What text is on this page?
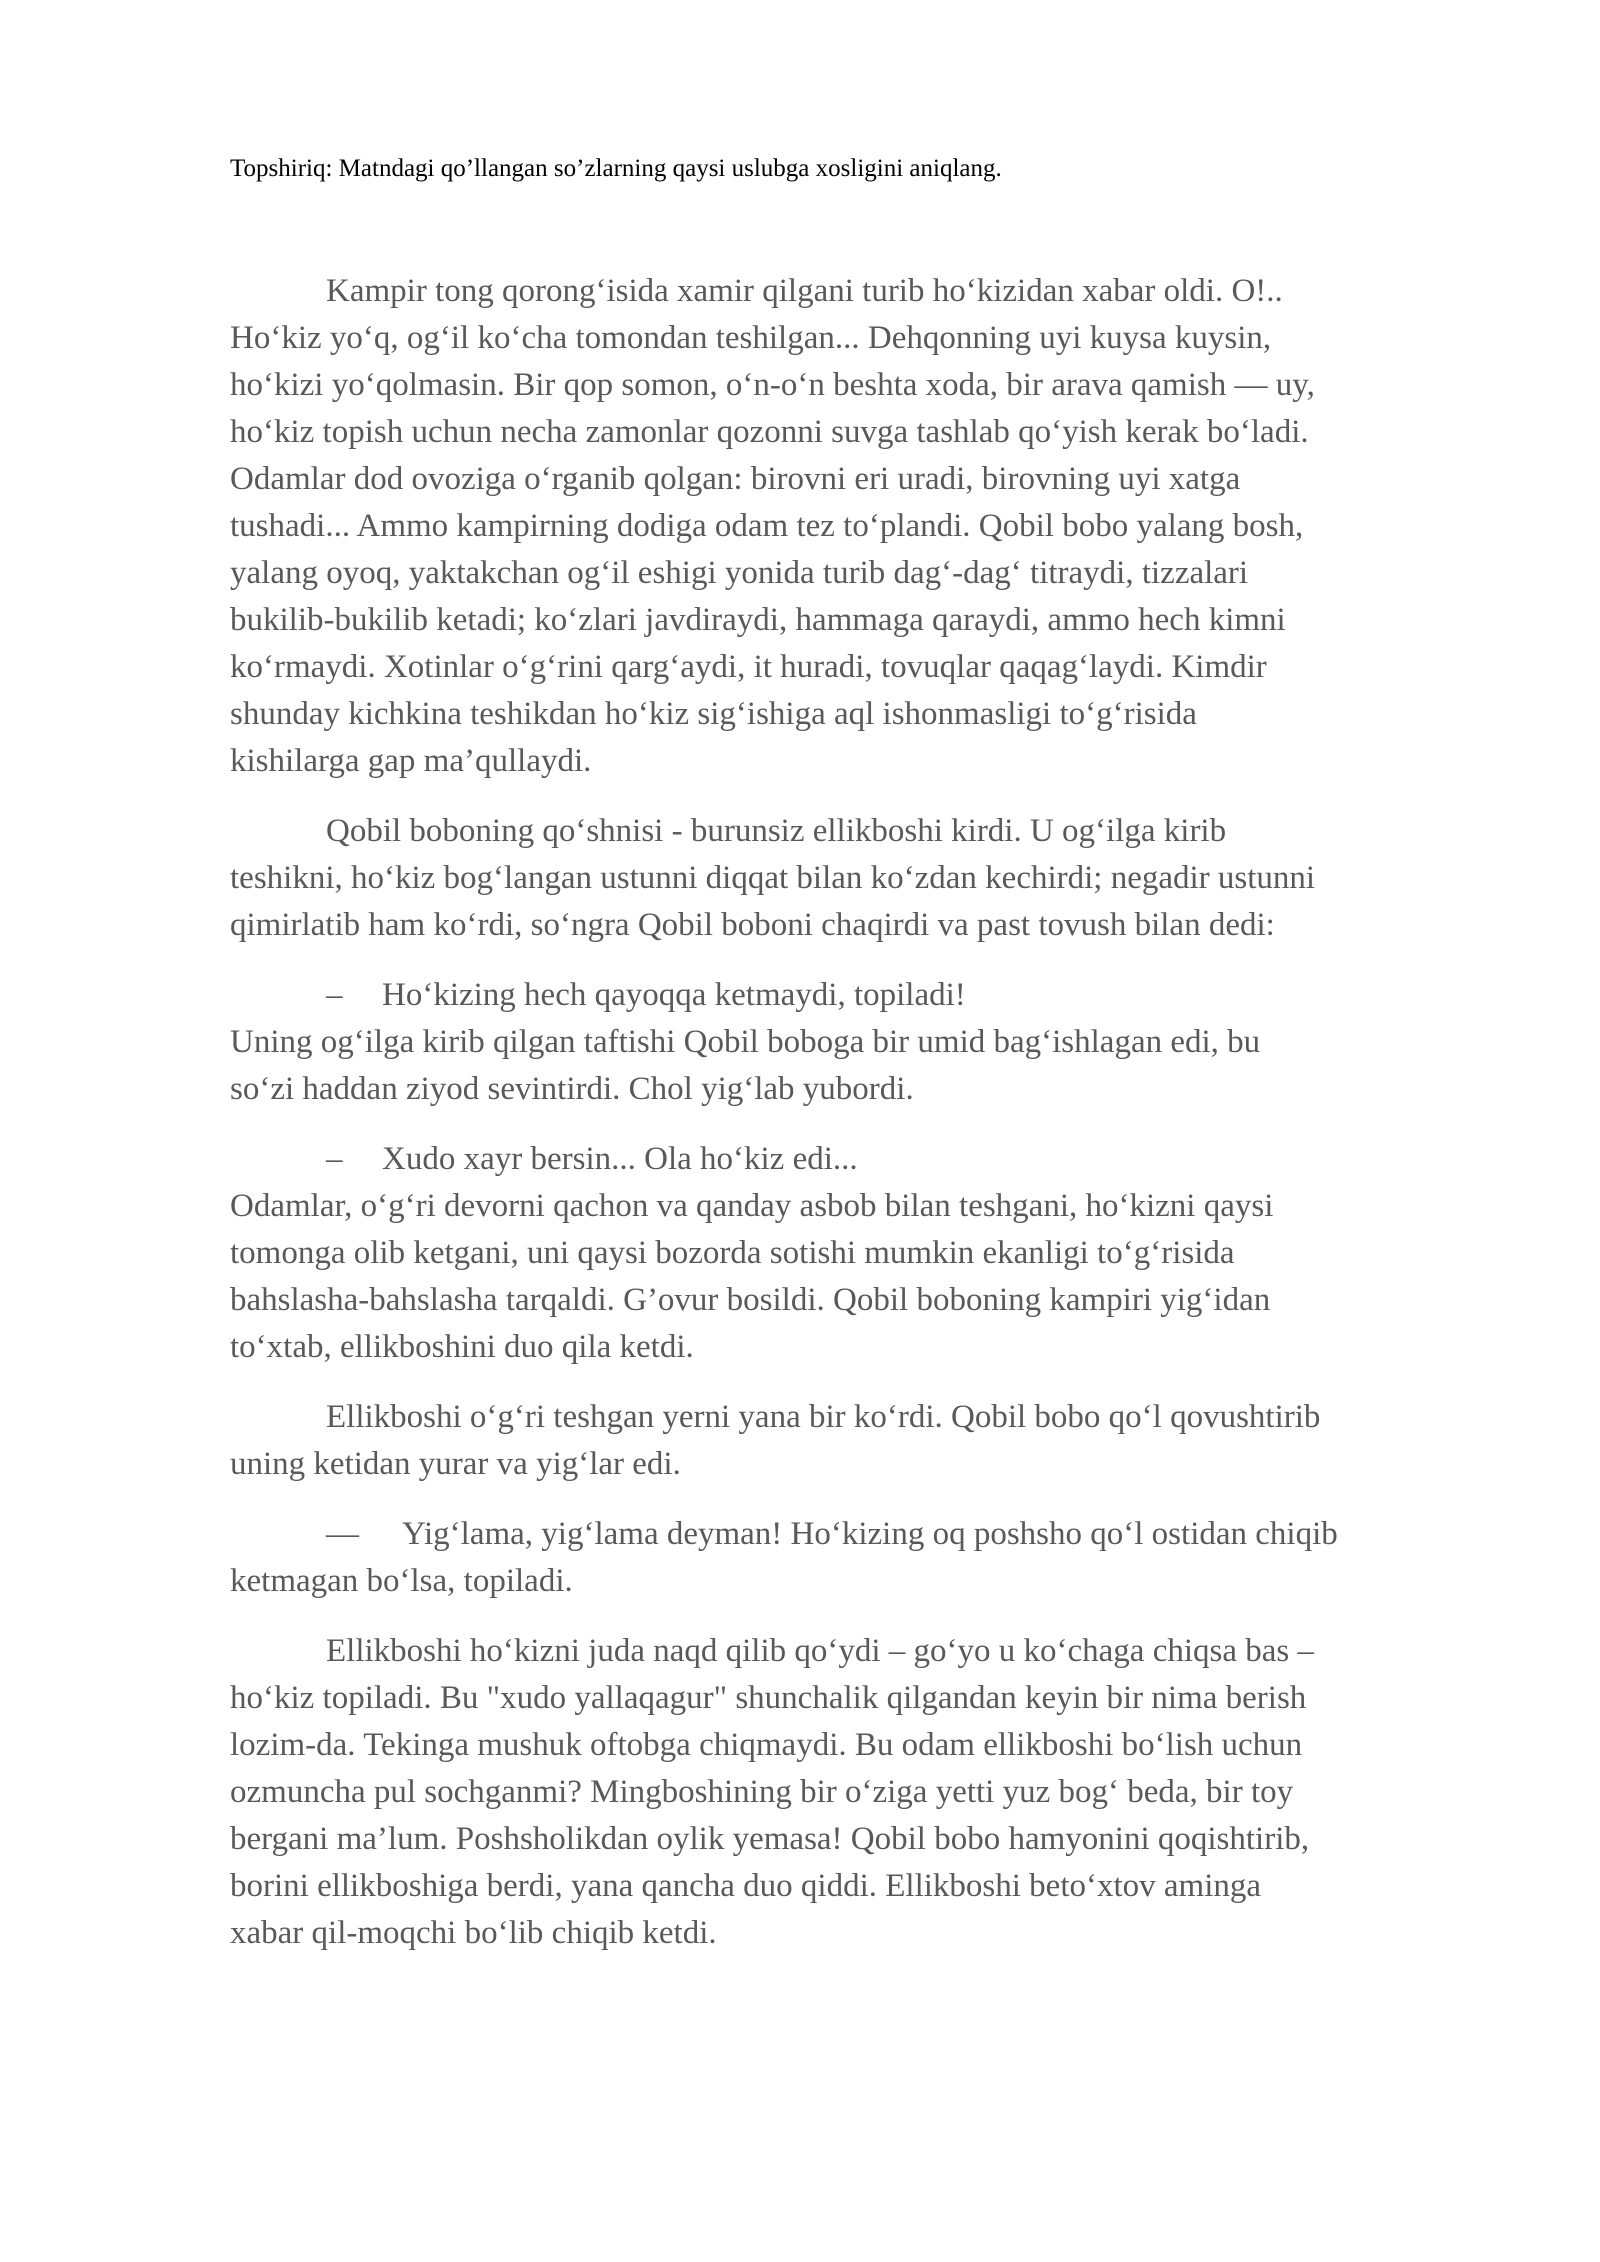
Topshiriq: Matndagi qo’llangan so’zlarning qaysi uslubga xosligini aniqlang.

Kampir tong qorong‘isida xamir qilgani turib ho‘kizidan xabar oldi. O!..
Ho‘kiz yo‘q, og‘il ko‘cha tomondan teshilgan... Dehqonning uyi kuysa kuysin,
ho‘kizi yo‘qolmasin. Bir qop somon, o‘n-o‘n beshta xoda, bir arava qamish — uy,
ho‘kiz topish uchun necha zamonlar qozonni suvga tashlab qo‘yish kerak bo‘ladi.
Odamlar dod ovoziga o‘rganib qolgan: birovni eri uradi, birovning uyi xatga
tushadi... Ammo kampirning dodiga odam tez to‘plandi. Qobil bobo yalang bosh,
yalang oyoq, yaktakchan og‘il eshigi yonida turib dag‘-dag‘ titraydi, tizzalari
bukilib-bukilib ketadi; ko‘zlari javdiraydi, hammaga qaraydi, ammo hech kimni
ko‘rmaydi. Xotinlar o‘g‘rini qarg‘aydi, it huradi, tovuqlar qaqag‘laydi. Kimdir
shunday kichkina teshikdan ho‘kiz sig‘ishiga aql ishonmasligi to‘g‘risida
kishilarga gap ma’qullaydi.
Qobil boboning qo‘shnisi - burunsiz ellikboshi kirdi. U og‘ilga kirib
teshikni, ho‘kiz bog‘langan ustunni diqqat bilan ko‘zdan kechirdi; negadir ustunni
qimirlatib ham ko‘rdi, so‘ngra Qobil boboni chaqirdi va past tovush bilan dedi:
– Ho‘kizing hech qayoqqa ketmaydi, topiladi!
Uning og‘ilga kirib qilgan taftishi Qobil boboga bir umid bag‘ishlagan edi, bu
so‘zi haddan ziyod sevintirdi. Chol yig‘lab yubordi.
– Xudo xayr bersin... Ola ho‘kiz edi...
Odamlar, o‘g‘ri devorni qachon va qanday asbob bilan teshgani, ho‘kizni qaysi
tomonga olib ketgani, uni qaysi bozorda sotishi mumkin ekanligi to‘g‘risida
bahslasha-bahslasha tarqaldi. G’ovur bosildi. Qobil boboning kampiri yig‘idan
to‘xtab, ellikboshini duo qila ketdi.
Ellikboshi o‘g‘ri teshgan yerni yana bir ko‘rdi. Qobil bobo qo‘l qovushtirib
uning ketidan yurar va yig‘lar edi.
— Yig‘lama, yig‘lama deyman! Ho‘kizing oq poshsho qo‘l ostidan chiqib
ketmagan bo‘lsa, topiladi.
Ellikboshi ho‘kizni juda naqd qilib qo‘ydi – go‘yo u ko‘chaga chiqsa bas –
ho‘kiz topiladi. Bu "xudo yallaqagur" shunchalik qilgandan keyin bir nima berish
lozim-da. Tekinga mushuk oftobga chiqmaydi. Bu odam ellikboshi bo‘lish uchun
ozmuncha pul sochganmi? Mingboshining bir o‘ziga yetti yuz bog‘ beda, bir toy
bergani ma’lum. Poshsholikdan oylik yemasa! Qobil bobo hamyonini qoqishtirib,
borini ellikboshiga berdi, yana qancha duo qiddi. Ellikboshi beto‘xtov aminga
xabar qil-moqchi bo‘lib chiqib ketdi.
